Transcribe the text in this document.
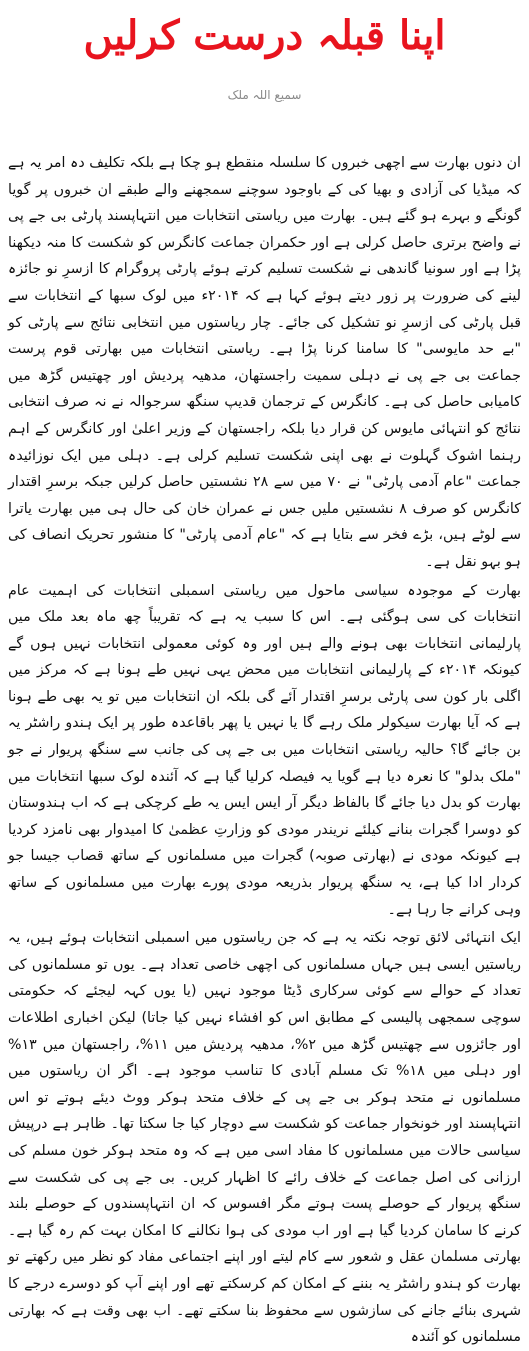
اپنا قبلہ درست کرلیں
سمیع اللہ ملک

ان دنوں بھارت سے اچھی خبروں کا سلسلہ منقطع ہو چکا ہے بلکہ تکلیف دہ امر یہ ہے کہ میڈیا کی آزادی و بھیا کی کے باوجود سوچنے سمجھنے والے طبقے ان خبروں پر گویا گونگے و بہرے ہو گئے ہیں۔ بھارت میں ریاستی انتخابات میں انتہاپسند پارٹی بی جے پی نے واضح برتری حاصل کرلی ہے اور حکمران جماعت کانگرس کو شکست کا منہ دیکھنا پڑا ہے اور سونیا گاندھی نے شکست تسلیم کرتے ہوئے پارٹی پروگرام کا ازسرِ نو جائزہ لینے کی ضرورت پر زور دیتے ہوئے کہا ہے کہ ۲۰۱۴ء میں لوک سبھا کے انتخابات سے قبل پارٹی کی ازسرِ نو تشکیل کی جائے۔ چار ریاستوں میں انتخابی نتائج سے پارٹی کو "بے حد مایوسی" کا سامنا کرنا پڑا ہے۔ ریاستی انتخابات میں بھارتی قوم پرست جماعت بی جے پی نے دہلی سمیت راجستھان، مدھیہ پردیش اور چھتیس گڑھ میں کامیابی حاصل کی ہے۔ کانگرس کے ترجمان قدیپ سنگھ سرجوالہ نے نہ صرف انتخابی نتائج کو انتہائی مایوس کن قرار دیا بلکہ راجستھان کے وزیر اعلیٰ اور کانگرس کے اہم رہنما اشوک گہلوت نے بھی اپنی شکست تسلیم کرلی ہے۔ دہلی میں ایک نوزائیدہ جماعت "عام آدمی پارٹی" نے ۷۰ میں سے ۲۸ نشستیں حاصل کرلیں جبکہ برسرِ اقتدار کانگرس کو صرف ۸ نشستیں ملیں جس نے عمران خان کی حال ہی میں بھارت یاترا سے لوٹے ہیں، بڑے فخر سے بتایا ہے کہ "عام آدمی پارٹی" کا منشور تحریک انصاف کی ہو بہو نقل ہے۔

بھارت کے موجودہ سیاسی ماحول میں ریاستی اسمبلی انتخابات کی اہمیت عام انتخابات کی سی ہوگئی ہے۔ اس کا سبب یہ ہے کہ تقریباً چھ ماہ بعد ملک میں پارلیمانی انتخابات بھی ہونے والے ہیں اور وہ کوئی معمولی انتخابات نہیں ہوں گے کیونکہ ۲۰۱۴ء کے پارلیمانی انتخابات میں محض یہی نہیں طے ہونا ہے کہ مرکز میں اگلی بار کون سی پارٹی برسرِ اقتدار آئے گی بلکہ ان انتخابات میں تو یہ بھی طے ہونا ہے کہ آیا بھارت سیکولر ملک رہے گا یا نہیں یا پھر باقاعدہ طور پر ایک ہندو راشٹر یہ بن جائے گا؟ حالیہ ریاستی انتخابات میں بی جے پی کی جانب سے سنگھ پریوار نے جو "ملک بدلو" کا نعرہ دیا ہے گویا یہ فیصلہ کرلیا گیا ہے کہ آئندہ لوک سبھا انتخابات میں بھارت کو بدل دیا جائے گا بالفاظ دیگر آر ایس ایس یہ طے کرچکی ہے کہ اب ہندوستان کو دوسرا گجرات بنانے کیلئے نریندر مودی کو وزارتِ عظمیٰ کا امیدوار بھی نامزد کردیا ہے کیونکہ مودی نے (بھارتی صوبہ) گجرات میں مسلمانوں کے ساتھ قصاب جیسا جو کردار ادا کیا ہے، یہ سنگھ پریوار بذریعہ مودی پورے بھارت میں مسلمانوں کے ساتھ وہی کرانے جا رہا ہے۔

ایک انتہائی لائق توجہ نکتہ یہ ہے کہ جن ریاستوں میں اسمبلی انتخابات ہوئے ہیں، یہ ریاستیں ایسی ہیں جہاں مسلمانوں کی اچھی خاصی تعداد ہے۔ یوں تو مسلمانوں کی تعداد کے حوالے سے کوئی سرکاری ڈیٹا موجود نہیں (یا یوں کہہ لیجئے کہ حکومتی سوچی سمجھی پالیسی کے مطابق اس کو افشاء نہیں کیا جاتا) لیکن اخباری اطلاعات اور جائزوں سے چھتیس گڑھ میں ۲%، مدھیہ پردیش میں ۱۱%، راجستھان میں ۱۳% اور دہلی میں ۱۸% تک مسلم آبادی کا تناسب موجود ہے۔ اگر ان ریاستوں میں مسلمانوں نے متحد ہوکر بی جے پی کے خلاف متحد ہوکر ووٹ دیئے ہوتے تو اس انتہاپسند اور خونخوار جماعت کو شکست سے دوچار کیا جا سکتا تھا۔ ظاہر ہے درپیش سیاسی حالات میں مسلمانوں کا مفاد اسی میں ہے کہ وہ متحد ہوکر خون مسلم کی ارزانی کی اصل جماعت کے خلاف رائے کا اظہار کریں۔ بی جے پی کی شکست سے سنگھ پریوار کے حوصلے پست ہوتے مگر افسوس کہ ان انتہاپسندوں کے حوصلے بلند کرنے کا سامان کردیا گیا ہے اور اب مودی کی ہوا نکالنے کا امکان بہت کم رہ گیا ہے۔ بھارتی مسلمان عقل و شعور سے کام لیتے اور اپنے اجتماعی مفاد کو نظر میں رکھتے تو بھارت کو ہندو راشٹر یہ بننے کے امکان کم کرسکتے تھے اور اپنے آپ کو دوسرے درجے کا شہری بنائے جانے کی سازشوں سے محفوظ بنا سکتے تھے۔ اب بھی وقت ہے کہ بھارتی مسلمانوں کو آئندہ
